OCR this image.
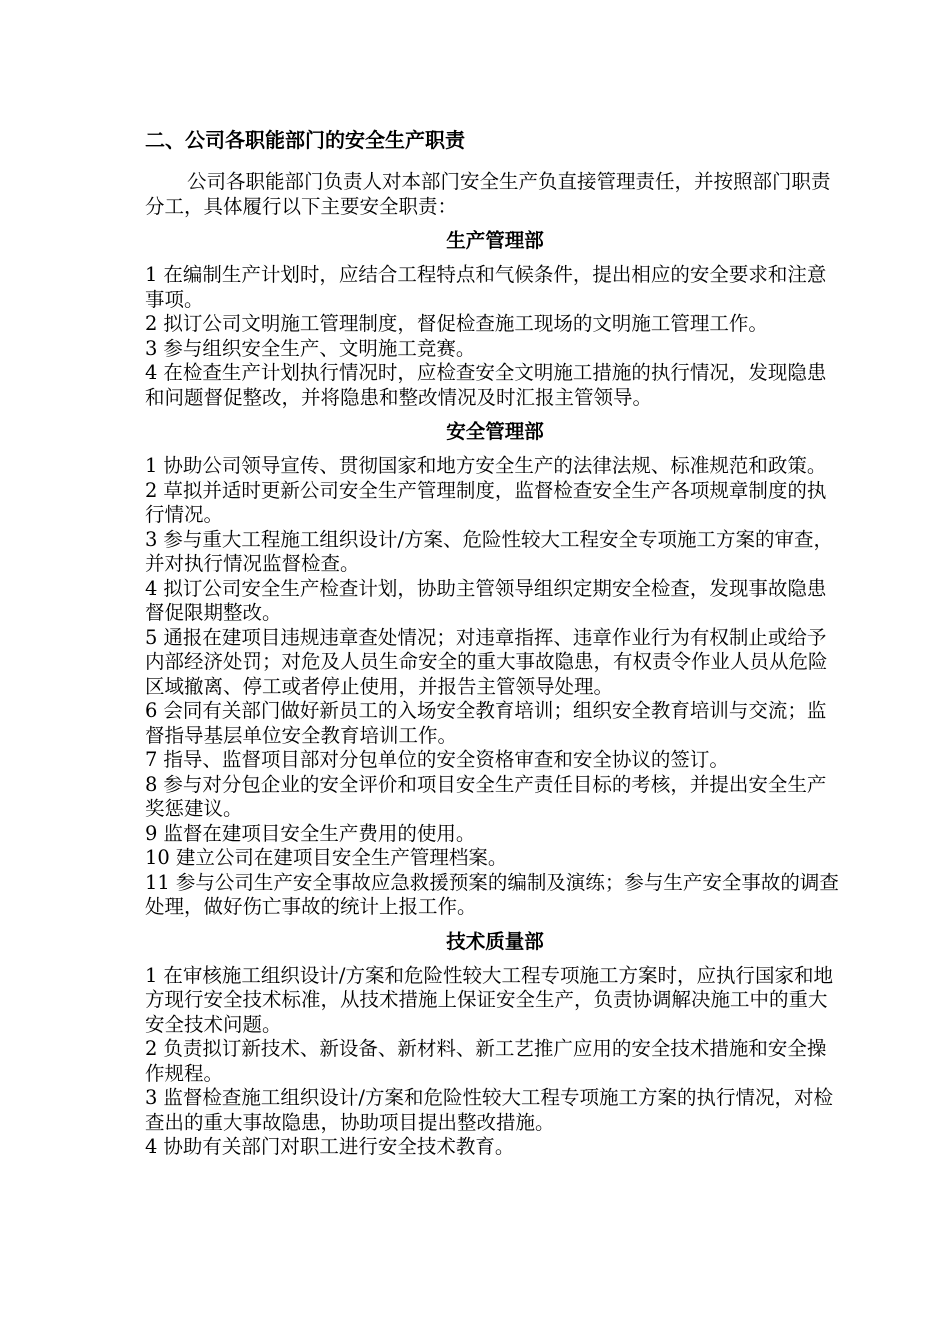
二、公司各职能部门的安全生产职责

公司各职能部门负责人对本部门安全生产负直接管理责任，并按照部门职责分工，具体履行以下主要安全职责：

生产管理部

1 在编制生产计划时，应结合工程特点和气候条件，提出相应的安全要求和注意事项。

2 拟订公司文明施工管理制度，督促检查施工现场的文明施工管理工作。

3 参与组织安全生产、文明施工竞赛。

4 在检查生产计划执行情况时，应检查安全文明施工措施的执行情况，发现隐患和问题督促整改，并将隐患和整改情况及时汇报主管领导。

安全管理部

1 协助公司领导宣传、贯彻国家和地方安全生产的法律法规、标准规范和政策。

2 草拟并适时更新公司安全生产管理制度，监督检查安全生产各项规章制度的执行情况。

3 参与重大工程施工组织设计/方案、危险性较大工程安全专项施工方案的审查，并对执行情况监督检查。

4 拟订公司安全生产检查计划，协助主管领导组织定期安全检查，发现事故隐患督促限期整改。

5 通报在建项目违规违章查处情况；对违章指挥、违章作业行为有权制止或给予内部经济处罚；对危及人员生命安全的重大事故隐患，有权责令作业人员从危险区域撤离、停工或者停止使用，并报告主管领导处理。

6 会同有关部门做好新员工的入场安全教育培训；组织安全教育培训与交流；监督指导基层单位安全教育培训工作。

7 指导、监督项目部对分包单位的安全资格审查和安全协议的签订。

8 参与对分包企业的安全评价和项目安全生产责任目标的考核，并提出安全生产奖惩建议。

9 监督在建项目安全生产费用的使用。

10 建立公司在建项目安全生产管理档案。

11 参与公司生产安全事故应急救援预案的编制及演练；参与生产安全事故的调查处理，做好伤亡事故的统计上报工作。

技术质量部

1 在审核施工组织设计/方案和危险性较大工程专项施工方案时，应执行国家和地方现行安全技术标准，从技术措施上保证安全生产，负责协调解决施工中的重大安全技术问题。

2 负责拟订新技术、新设备、新材料、新工艺推广应用的安全技术措施和安全操作规程。

3 监督检查施工组织设计/方案和危险性较大工程专项施工方案的执行情况，对检查出的重大事故隐患，协助项目提出整改措施。

4 协助有关部门对职工进行安全技术教育。
